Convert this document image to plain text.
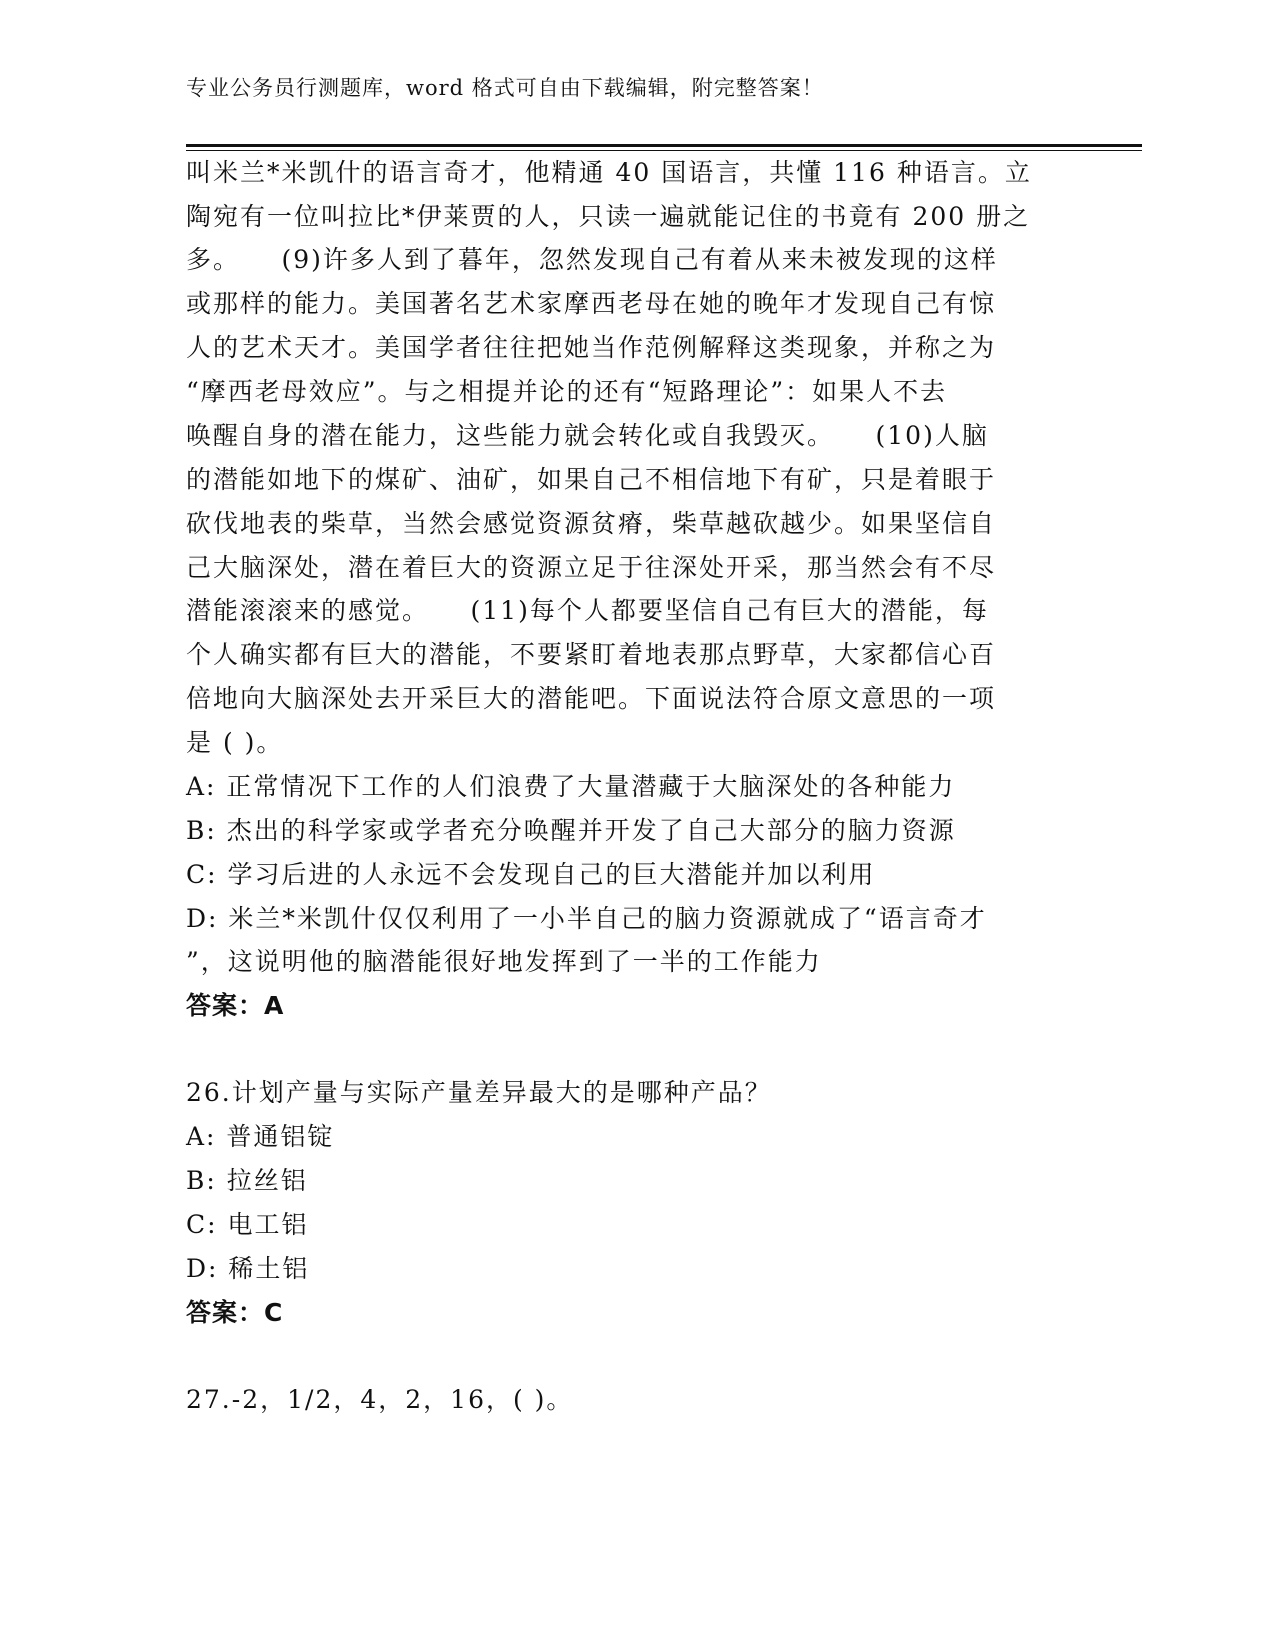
专业公务员行测题库，word 格式可自由下载编辑，附完整答案！
叫米兰*米凯什的语言奇才，他精通 40 国语言，共懂 116 种语言。立
陶宛有一位叫拉比*伊莱贾的人，只读一遍就能记住的书竟有 200 册之
多。　　(9)许多人到了暮年，忽然发现自己有着从来未被发现的这样
或那样的能力。美国著名艺术家摩西老母在她的晚年才发现自己有惊
人的艺术天才。美国学者往往把她当作范例解释这类现象，并称之为
“摩西老母效应”。与之相提并论的还有“短路理论”：如果人不去
唤醒自身的潜在能力，这些能力就会转化或自我毁灭。　　(10)人脑
的潜能如地下的煤矿、油矿，如果自己不相信地下有矿，只是着眼于
砍伐地表的柴草，当然会感觉资源贫瘠，柴草越砍越少。如果坚信自
己大脑深处，潜在着巨大的资源立足于往深处开采，那当然会有不尽
潜能滚滚来的感觉。　　(11)每个人都要坚信自己有巨大的潜能，每
个人确实都有巨大的潜能，不要紧盯着地表那点野草，大家都信心百
倍地向大脑深处去开采巨大的潜能吧。下面说法符合原文意思的一项
是 ( )。
A: 正常情况下工作的人们浪费了大量潜藏于大脑深处的各种能力
B: 杰出的科学家或学者充分唤醒并开发了自己大部分的脑力资源
C: 学习后进的人永远不会发现自己的巨大潜能并加以利用
D: 米兰*米凯什仅仅利用了一小半自己的脑力资源就成了“语言奇才
”，这说明他的脑潜能很好地发挥到了一半的工作能力
答案：A
26.计划产量与实际产量差异最大的是哪种产品？
A: 普通铝锭
B: 拉丝铝
C: 电工铝
D: 稀土铝
答案：C
27.-2，1/2，4，2，16，( )。
